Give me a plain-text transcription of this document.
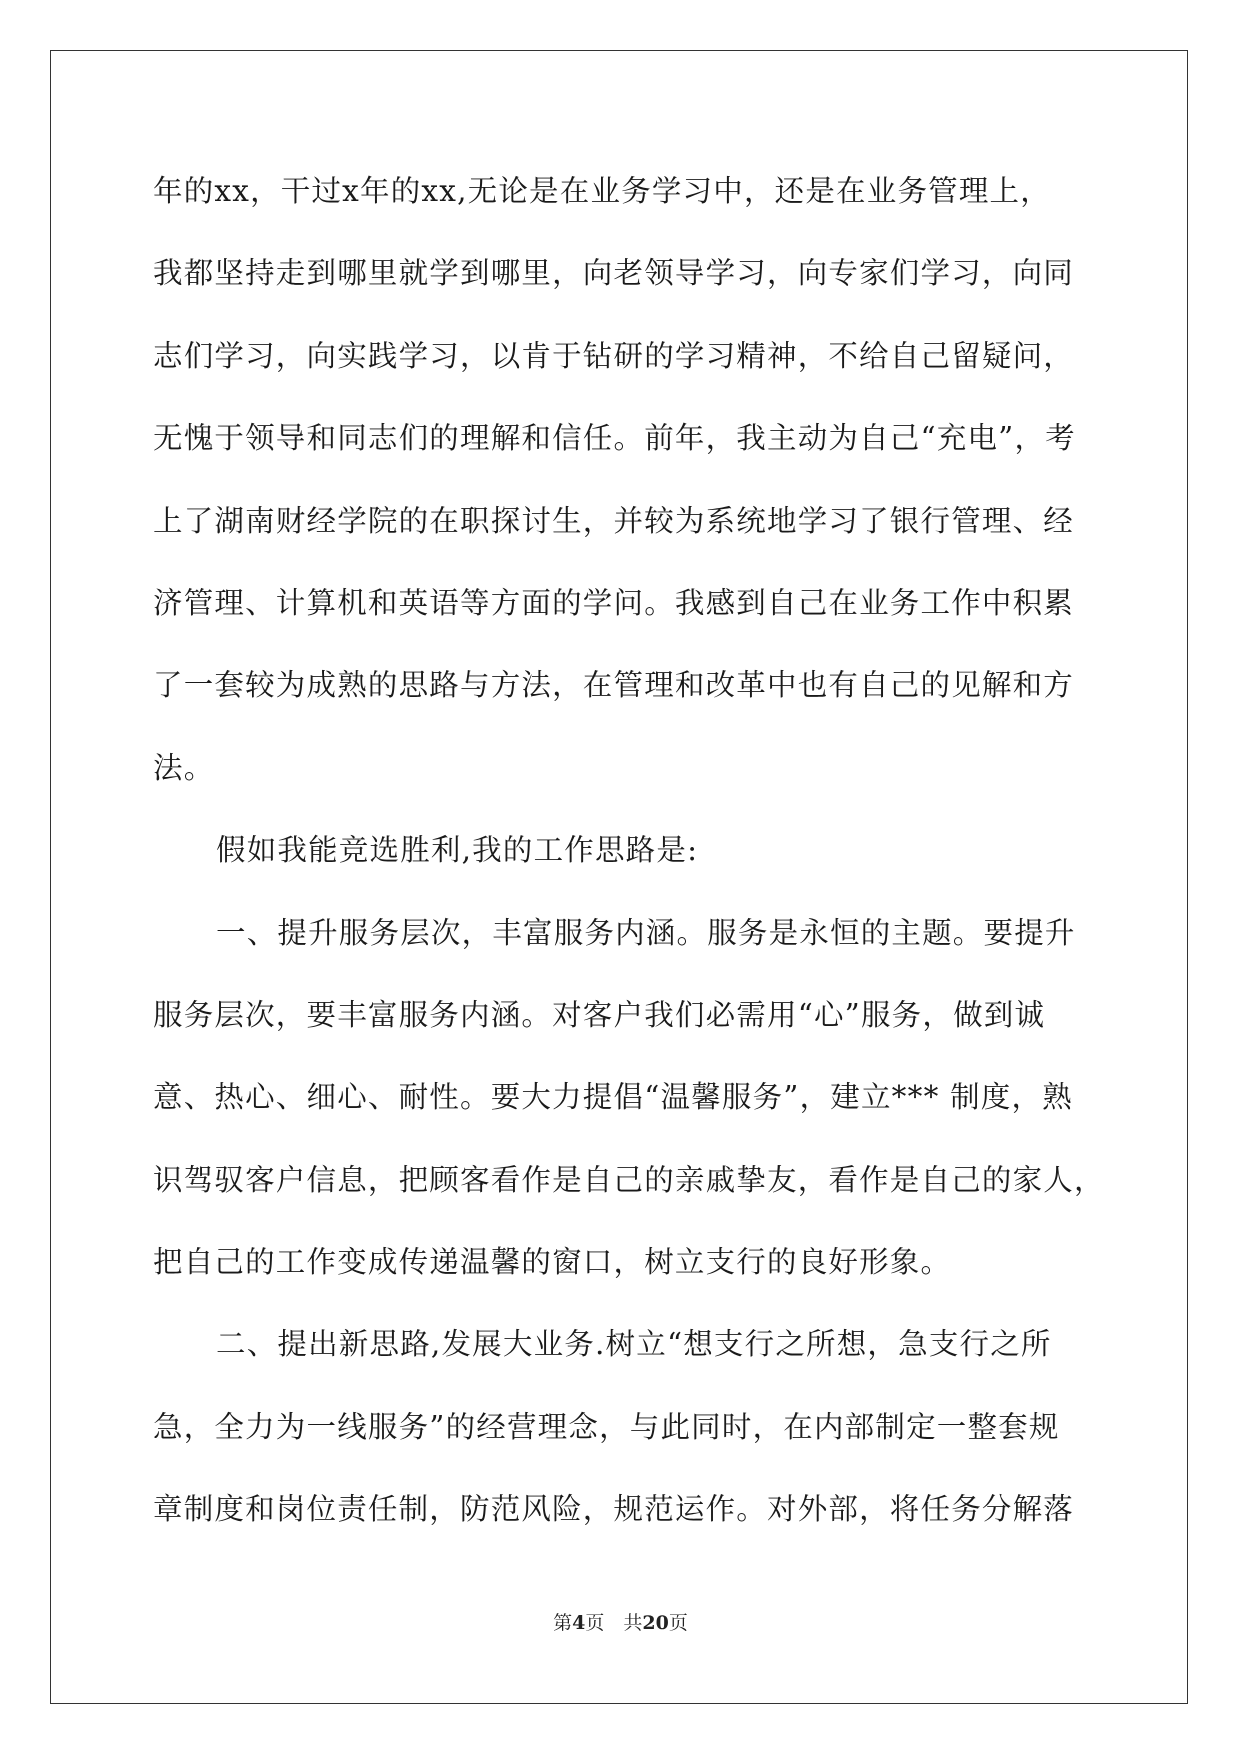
年的xx，干过x年的xx,无论是在业务学习中，还是在业务管理上，
我都坚持走到哪里就学到哪里，向老领导学习，向专家们学习，向同
志们学习，向实践学习，以肯于钻研的学习精神，不给自己留疑问，
无愧于领导和同志们的理解和信任。前年，我主动为自己“充电”，考
上了湖南财经学院的在职探讨生，并较为系统地学习了银行管理、经
济管理、计算机和英语等方面的学问。我感到自己在业务工作中积累
了一套较为成熟的思路与方法，在管理和改革中也有自己的见解和方
法。
假如我能竞选胜利,我的工作思路是:
一、提升服务层次，丰富服务内涵。服务是永恒的主题。要提升
服务层次，要丰富服务内涵。对客户我们必需用“心”服务，做到诚
意、热心、细心、耐性。要大力提倡“温馨服务”，建立*** 制度，熟
识驾驭客户信息，把顾客看作是自己的亲戚挚友，看作是自己的家人，
把自己的工作变成传递温馨的窗口，树立支行的良好形象。
二、提出新思路,发展大业务.树立“想支行之所想，急支行之所
急，全力为一线服务”的经营理念，与此同时，在内部制定一整套规
章制度和岗位责任制，防范风险，规范运作。对外部，将任务分解落
第4页　共20页
